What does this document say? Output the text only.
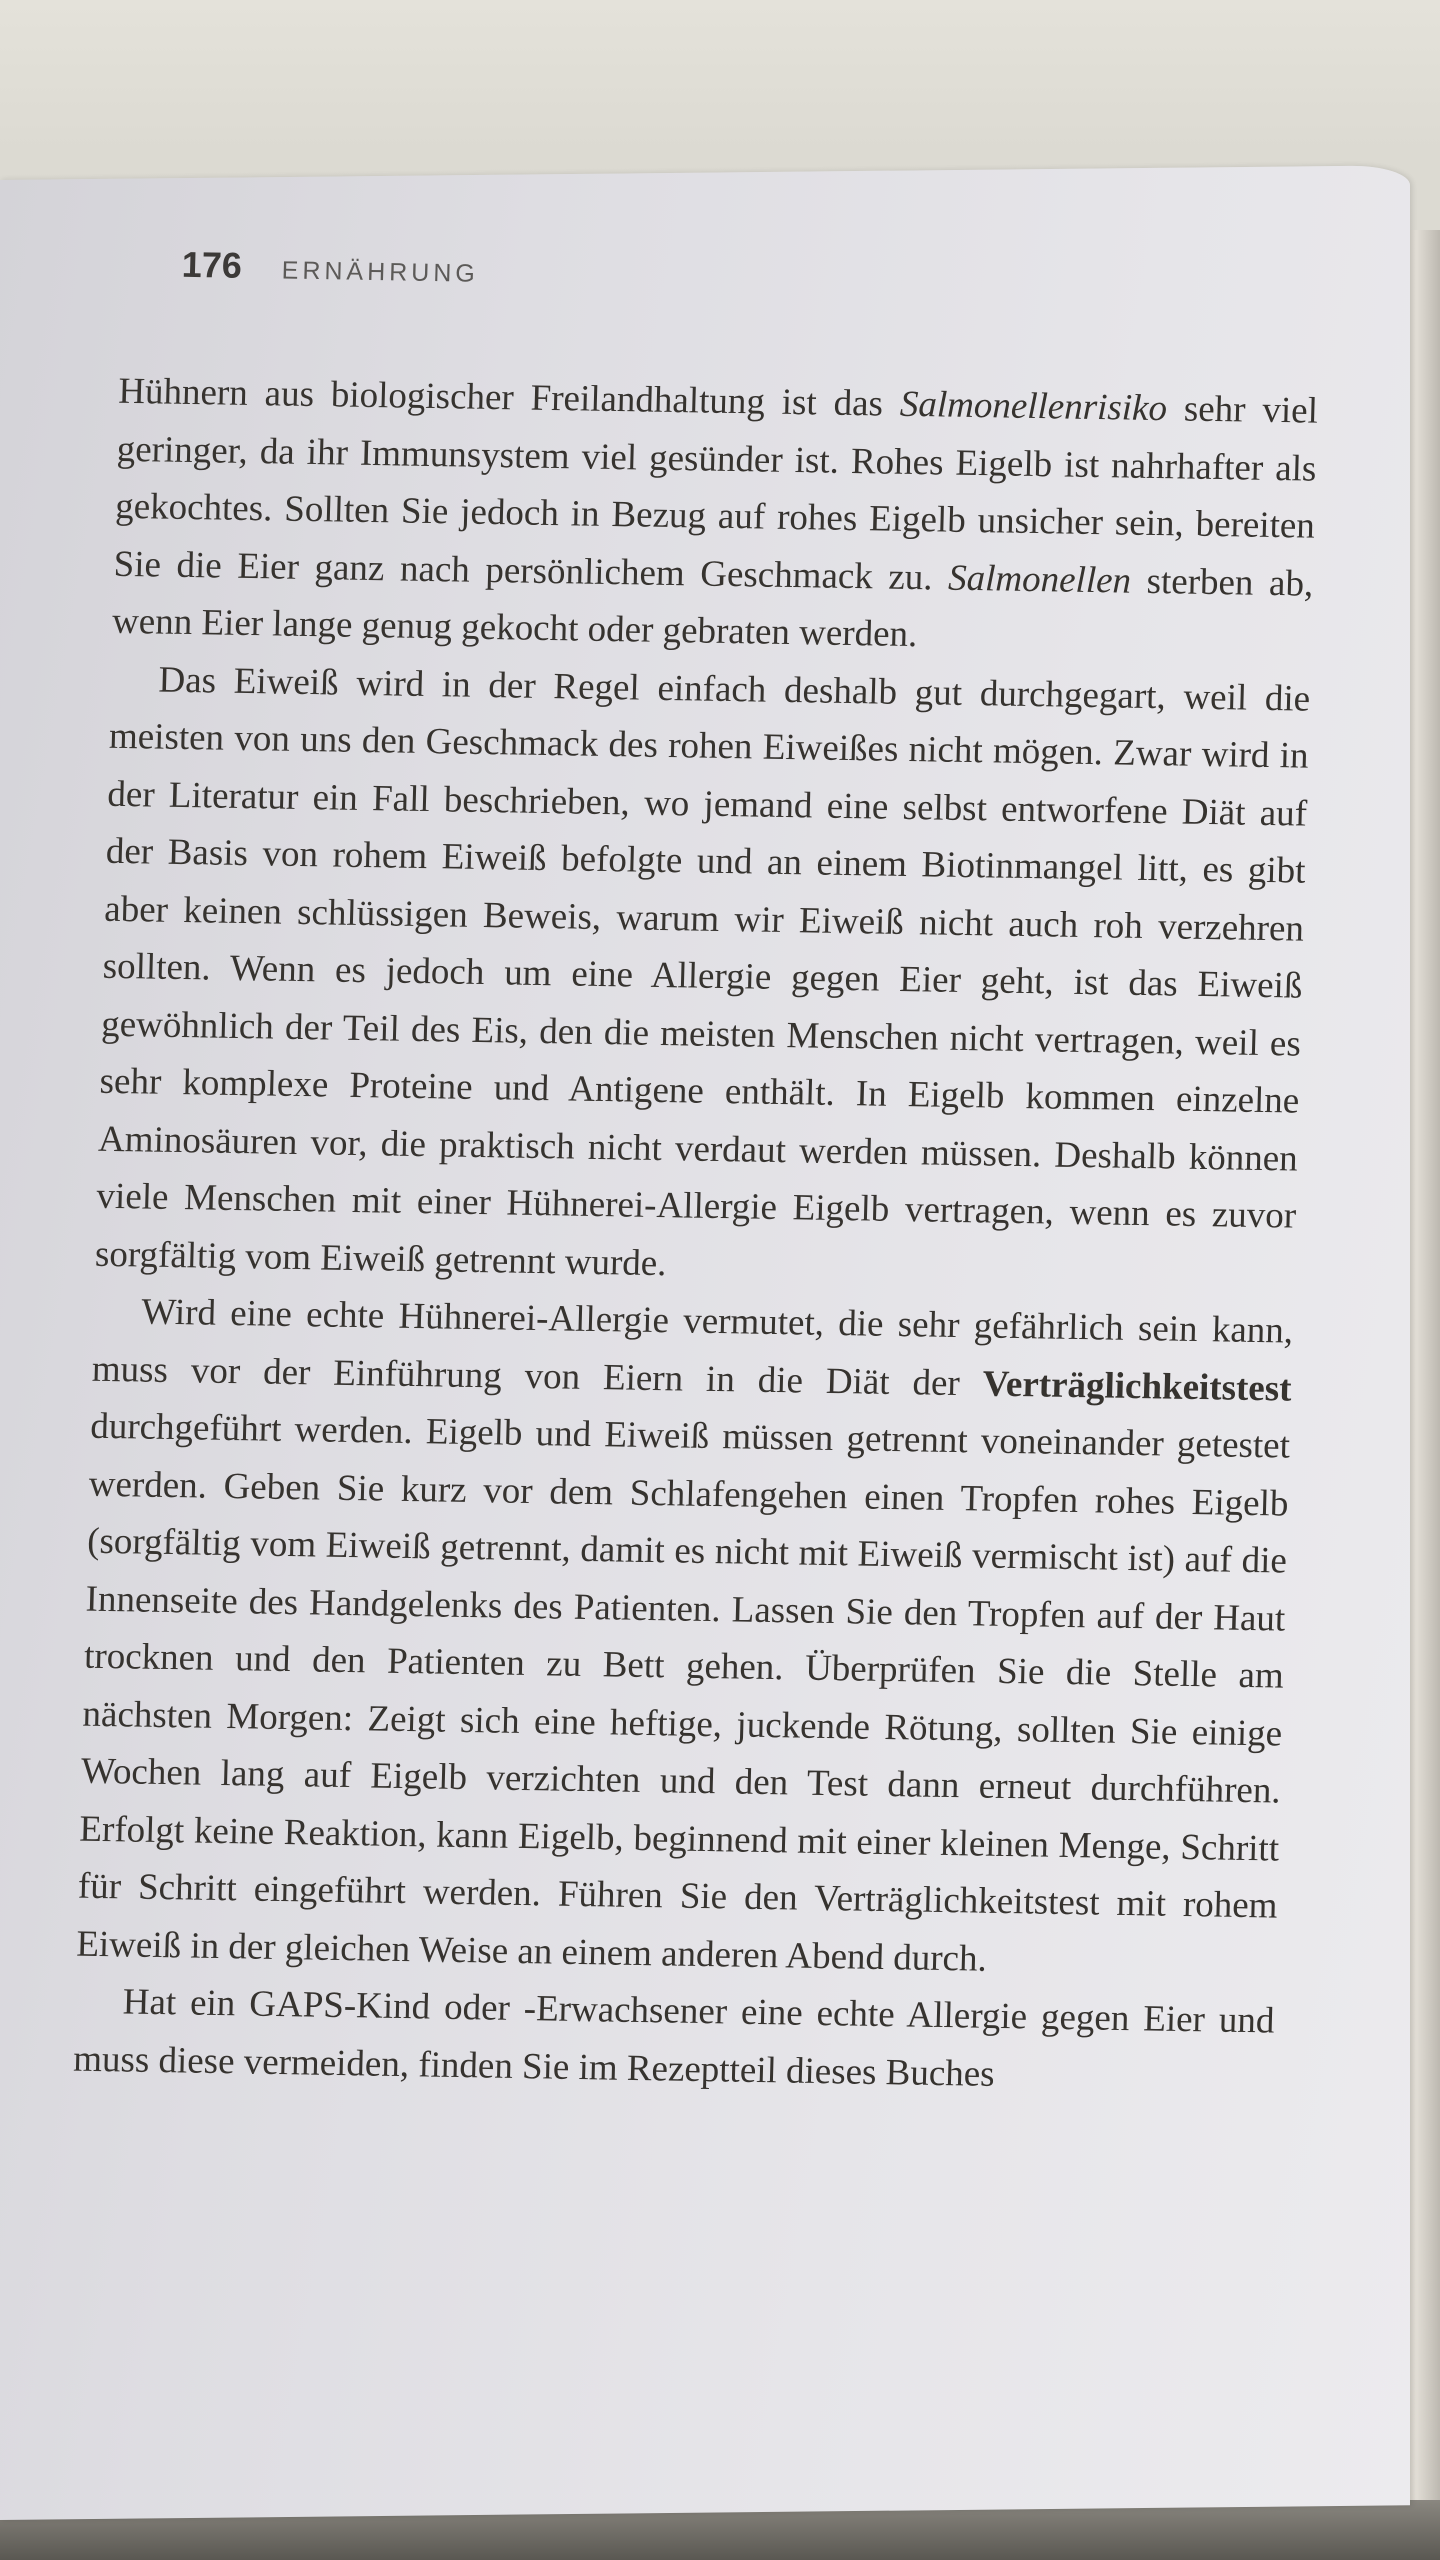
176 ERNÄHRUNG

Hühnern aus biologischer Freilandhaltung ist das Salmonellenrisiko sehr viel geringer, da ihr Immunsystem viel gesünder ist. Rohes Eigelb ist nahrhafter als gekochtes. Sollten Sie jedoch in Bezug auf rohes Eigelb unsicher sein, bereiten Sie die Eier ganz nach persönlichem Geschmack zu. Salmonellen sterben ab, wenn Eier lange genug gekocht oder gebraten werden.

Das Eiweiß wird in der Regel einfach deshalb gut durchgegart, weil die meisten von uns den Geschmack des rohen Eiweißes nicht mögen. Zwar wird in der Literatur ein Fall beschrieben, wo jemand eine selbst entworfene Diät auf der Basis von rohem Eiweiß befolgte und an einem Biotinmangel litt, es gibt aber keinen schlüssigen Beweis, warum wir Eiweiß nicht auch roh verzehren sollten. Wenn es jedoch um eine Allergie gegen Eier geht, ist das Eiweiß gewöhnlich der Teil des Eis, den die meisten Menschen nicht vertragen, weil es sehr komplexe Proteine und Antigene enthält. In Eigelb kommen einzelne Aminosäuren vor, die praktisch nicht verdaut werden müssen. Deshalb können viele Menschen mit einer Hühnerei-Allergie Eigelb vertragen, wenn es zuvor sorgfältig vom Eiweiß getrennt wurde.

Wird eine echte Hühnerei-Allergie vermutet, die sehr gefährlich sein kann, muss vor der Einführung von Eiern in die Diät der Verträglichkeitstest durchgeführt werden. Eigelb und Eiweiß müssen getrennt voneinander getestet werden. Geben Sie kurz vor dem Schlafengehen einen Tropfen rohes Eigelb (sorgfältig vom Eiweiß getrennt, damit es nicht mit Eiweiß vermischt ist) auf die Innenseite des Handgelenks des Patienten. Lassen Sie den Tropfen auf der Haut trocknen und den Patienten zu Bett gehen. Überprüfen Sie die Stelle am nächsten Morgen: Zeigt sich eine heftige, juckende Rötung, sollten Sie einige Wochen lang auf Eigelb verzichten und den Test dann erneut durchführen. Erfolgt keine Reaktion, kann Eigelb, beginnend mit einer kleinen Menge, Schritt für Schritt eingeführt werden. Führen Sie den Verträglichkeitstest mit rohem Eiweiß in der gleichen Weise an einem anderen Abend durch.

Hat ein GAPS-Kind oder -Erwachsener eine echte Allergie gegen Eier und muss diese vermeiden, finden Sie im Rezeptteil dieses Buches
